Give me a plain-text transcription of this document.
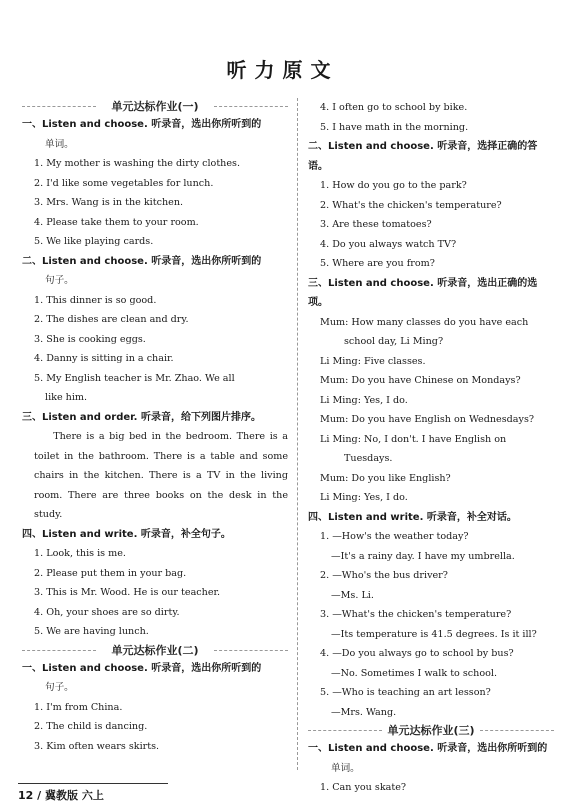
听力原文
单元达标作业(一)
一、Listen and choose. 听录音，选出你所听到的
单词。
1. My mother is washing the dirty clothes.
2. I'd like some vegetables for lunch.
3. Mrs. Wang is in the kitchen.
4. Please take them to your room.
5. We like playing cards.
二、Listen and choose. 听录音，选出你所听到的
句子。
1. This dinner is so good.
2. The dishes are clean and dry.
3. She is cooking eggs.
4. Danny is sitting in a chair.
5. My English teacher is Mr. Zhao. We all
like him.
三、Listen and order. 听录音，给下列图片排序。
There is a big bed in the bedroom. There is a toilet in the bathroom. There is a table and some chairs in the kitchen. There is a TV in the living room. There are three books on the desk in the study.
四、Listen and write. 听录音，补全句子。
1. Look, this is me.
2. Please put them in your bag.
3. This is Mr. Wood. He is our teacher.
4. Oh, your shoes are so dirty.
5. We are having lunch.
单元达标作业(二)
一、Listen and choose. 听录音，选出你所听到的
句子。
1. I'm from China.
2. The child is dancing.
3. Kim often wears skirts.
4. I often go to school by bike.
5. I have math in the morning.
二、Listen and choose. 听录音，选择正确的答语。
1. How do you go to the park?
2. What's the chicken's temperature?
3. Are these tomatoes?
4. Do you always watch TV?
5. Where are you from?
三、Listen and choose. 听录音，选出正确的选项。
Mum: How many classes do you have each
school day, Li Ming?
Li Ming: Five classes.
Mum: Do you have Chinese on Mondays?
Li Ming: Yes, I do.
Mum: Do you have English on Wednesdays?
Li Ming: No, I don't. I have English on
Tuesdays.
Mum: Do you like English?
Li Ming: Yes, I do.
四、Listen and write. 听录音，补全对话。
1. —How's the weather today?
—It's a rainy day. I have my umbrella.
2. —Who's the bus driver?
—Ms. Li.
3. —What's the chicken's temperature?
—Its temperature is 41.5 degrees. Is it ill?
4. —Do you always go to school by bus?
—No. Sometimes I walk to school.
5. —Who is teaching an art lesson?
—Mrs. Wang.
单元达标作业(三)
一、Listen and choose. 听录音，选出你所听到的
单词。
1. Can you skate?
12 / 冀教版 六上
